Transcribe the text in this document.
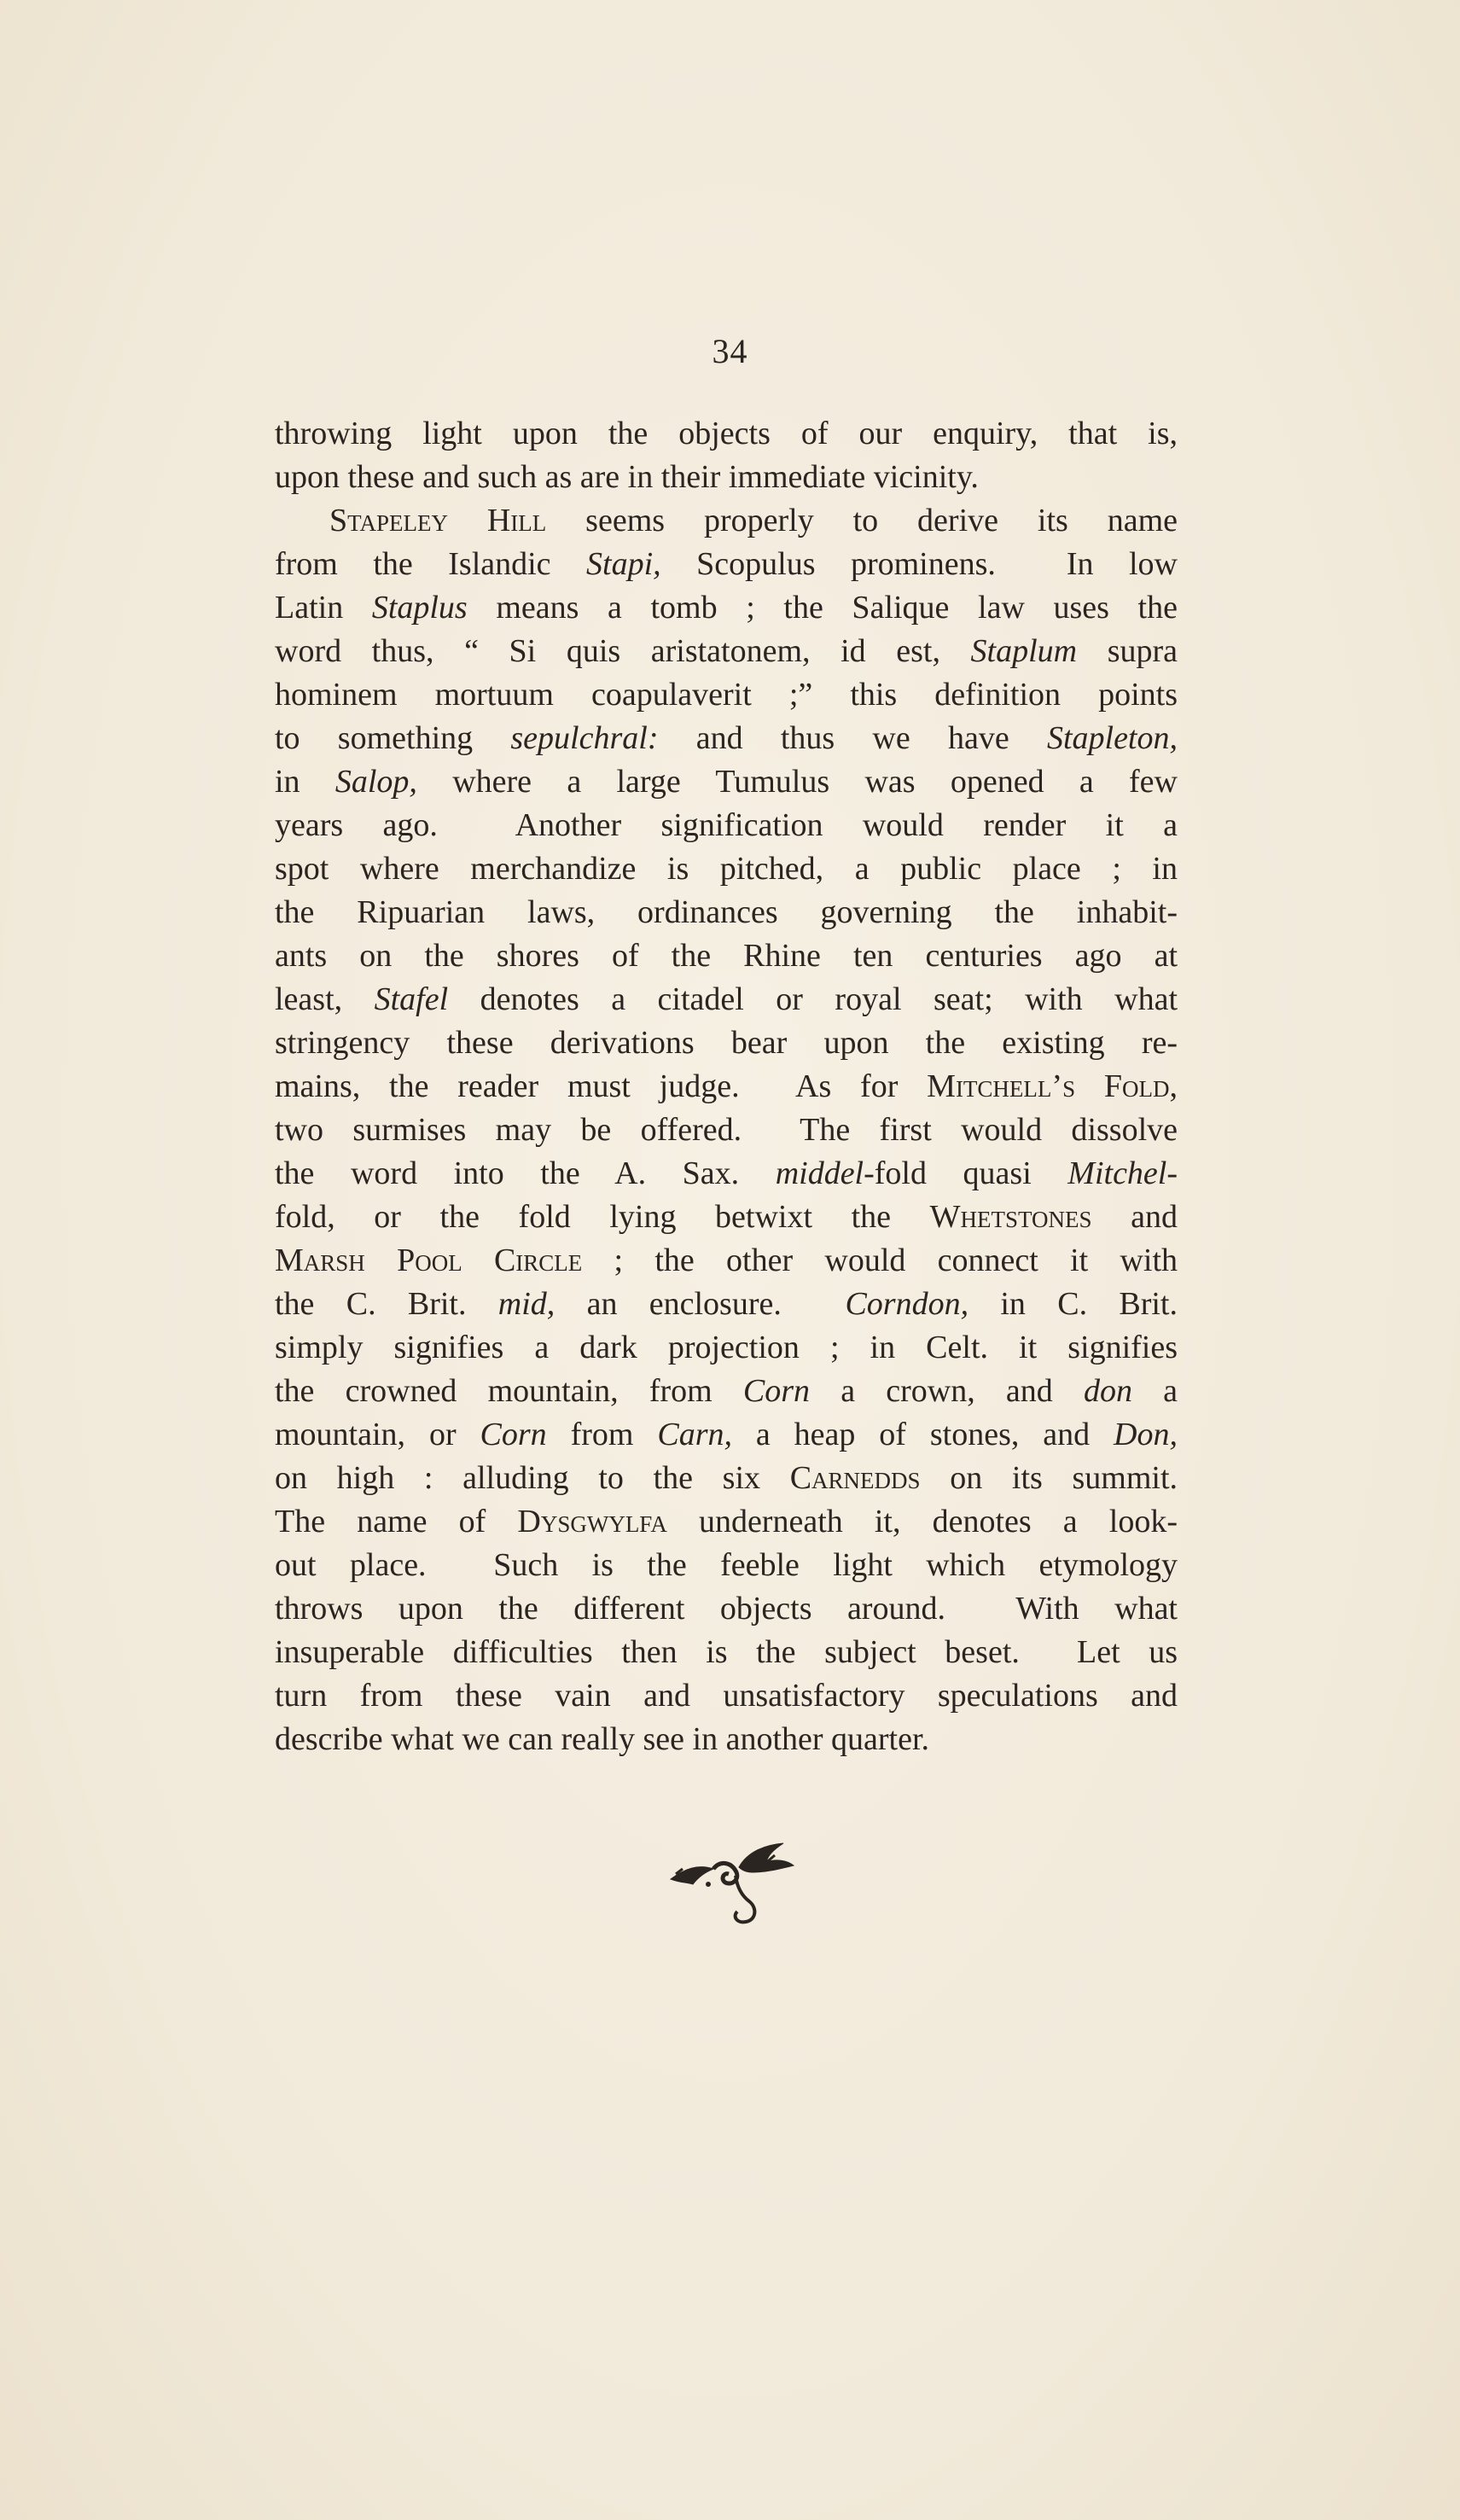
34
throwing light upon the objects of our enquiry, that is,
upon these and such as are in their immediate vicinity.
Stapeley Hill seems properly to derive its name
from the Islandic Stapi, Scopulus prominens.  In low
Latin Staplus means a tomb ; the Salique law uses the
word thus, “ Si quis aristatonem, id est, Staplum supra
hominem mortuum coapulaverit ;” this definition points
to something sepulchral: and thus we have Stapleton,
in Salop, where a large Tumulus was opened a few
years ago.  Another signification would render it a
spot where merchandize is pitched, a public place ; in
the Ripuarian laws, ordinances governing the inhabit-
ants on the shores of the Rhine ten centuries ago at
least, Stafel denotes a citadel or royal seat; with what
stringency these derivations bear upon the existing re-
mains, the reader must judge.  As for Mitchell’s Fold,
two surmises may be offered.  The first would dissolve
the word into the A. Sax. middel-fold quasi Mitchel-
fold, or the fold lying betwixt the Whetstones and
Marsh Pool Circle ; the other would connect it with
the C. Brit. mid, an enclosure.  Corndon, in C. Brit.
simply signifies a dark projection ; in Celt. it signifies
the crowned mountain, from Corn a crown, and don a
mountain, or Corn from Carn, a heap of stones, and Don,
on high : alluding to the six Carnedds on its summit.
The name of Dysgwylfa underneath it, denotes a look-
out place.  Such is the feeble light which etymology
throws upon the different objects around.  With what
insuperable difficulties then is the subject beset.  Let us
turn from these vain and unsatisfactory speculations and
describe what we can really see in another quarter.
